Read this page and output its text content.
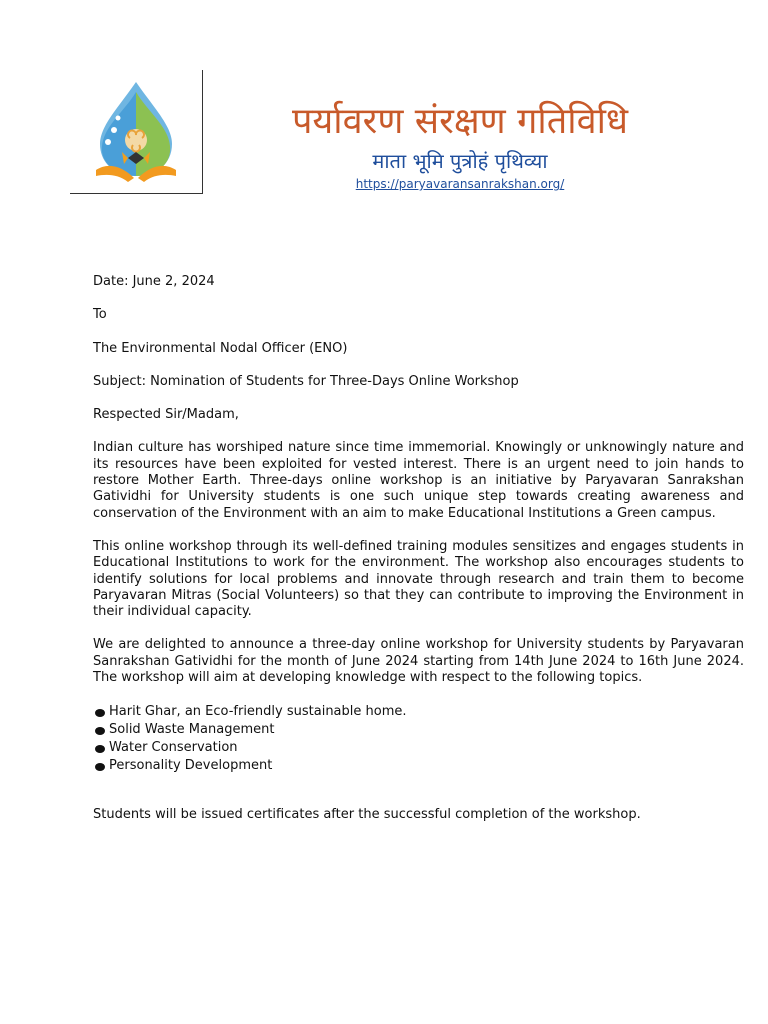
पर्यावरण संरक्षण गतिविधि
माता भूमि पुत्रोहं पृथिव्या
https://paryavaransanrakshan.org/

Date: June 2, 2024

To

The Environmental Nodal Officer (ENO)

Subject: Nomination of Students for Three-Days Online Workshop

Respected Sir/Madam,

Indian culture has worshiped nature since time immemorial. Knowingly or unknowingly nature and its resources have been exploited for vested interest. There is an urgent need to join hands to restore Mother Earth. Three-days online workshop is an initiative by Paryavaran Sanrakshan Gatividhi for University students is one such unique step towards creating awareness and conservation of the Environment with an aim to make Educational Institutions a Green campus.

This online workshop through its well-defined training modules sensitizes and engages students in Educational Institutions to work for the environment. The workshop also encourages students to identify solutions for local problems and innovate through research and train them to become Paryavaran Mitras (Social Volunteers) so that they can contribute to improving the Environment in their individual capacity.

We are delighted to announce a three-day online workshop for University students by Paryavaran Sanrakshan Gatividhi for the month of June 2024 starting from 14th June 2024 to 16th June 2024. The workshop will aim at developing knowledge with respect to the following topics.

Harit Ghar, an Eco-friendly sustainable home.
Solid Waste Management
Water Conservation
Personality Development

Students will be issued certificates after the successful completion of the workshop.
